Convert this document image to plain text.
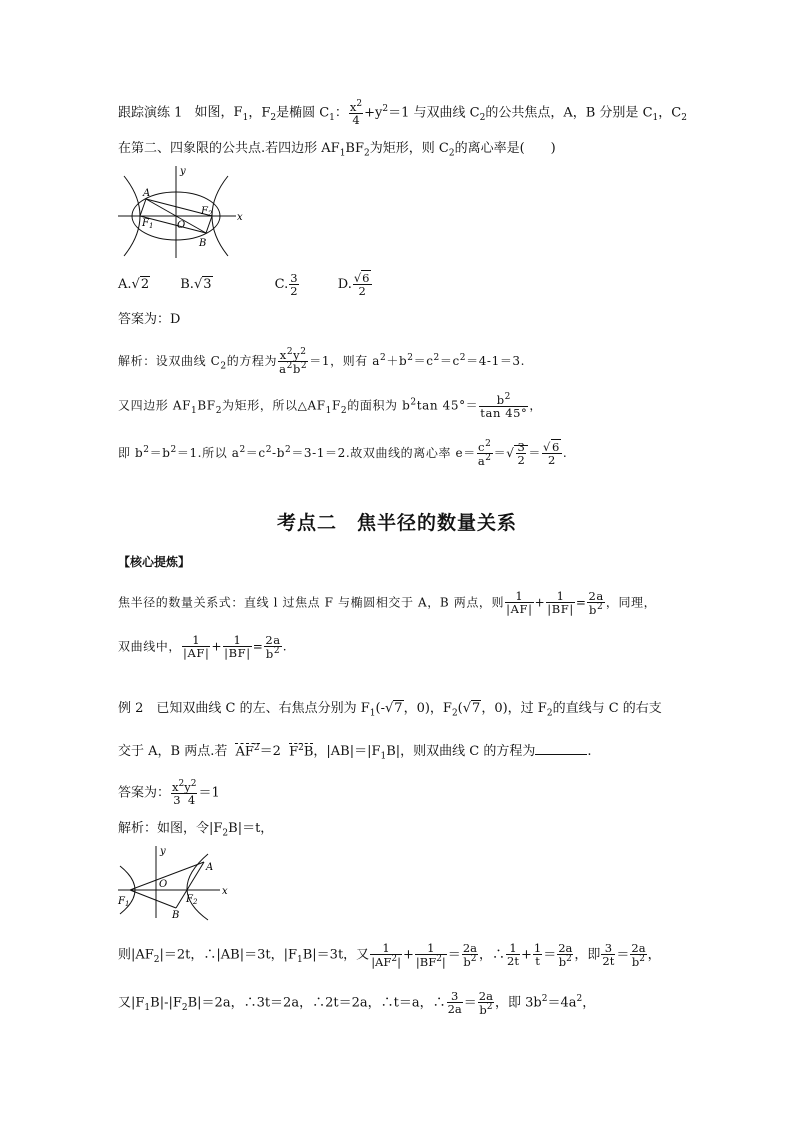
跟踪演练 1 如图，$F_1$，$F_2$是椭圆 $C_1$： $\frac{x^2}{4} +y^2=1$ 与双曲线 $C_2$的公共焦点，A，B 分别是 $C_1$，$C_2$
在第二、四象限的公共点.若四边形 $AF_1BF_2$为矩形，则 $C_2$的离心率是(　　)
y
A
$F_1$
$F_2$
O
B
x
A.√2 B.√3	C. $\frac{3}{2}$	D. $\frac{√6}{2}$
答案为：D
解析：设双曲线 $C_2$的方程为 $\frac{x^2y^2}{a^2b^2} =1$，则有 $a^2+b^2=c^2=c^2=4-1=3$.
又四边形 $AF_1BF_2$为矩形，所以$\triangle AF_1F_2$的面积为 $b^2\tan$ $45^\circ= \frac{b^2}{\tan 45^\circ}$ ，
即 $b^2=b^2=1$.所以 $a^2=c^2-b^2=3-1=2$.故双曲线的离心率 $e= \frac{c^2}{a^2}$ ＝√ $\frac{3}{2} = \frac{√6}{2}$ .
考点二　焦半径的数量关系
【核心提炼】
焦半径的数量关系式：直线 l 过焦点 F 与椭圆相交于 A，B 两点，则 $\frac{1}{|AF|} + \frac{1}{|BF|} = \frac{2a}{b^2}$ ，同理，
双曲线中， $\frac{1}{|AF|} + \frac{1}{|BF|} = \frac{2a}{b^2}$ .
例 2　已知双曲线 C 的左、右焦点分别为 $F_1(-√7$，0)，$F_2(√7$，0)，过 $F_2$的直线与 C 的右支
交于 A，B 两点.若 $AF^2=2$ $F^2B$，$|AB|=|F_1B|$，则双曲线 C 的方程为	.
答案为： $\frac{x^2y^2}{3 4} =1$
解析：如图，令$|F_2B|=t$，
y
A
O
$F_1$	$F_2$
B
x
则$|AF_2|=2t$，∴|AB|＝3t，$|F_1B|=3t$，又 $\frac{1}{|AF^2|} + \frac{1}{|BF^2|} = \frac{2a}{b^2}$ ，∴ $\frac{1}{2t} + \frac{1}{t} = \frac{2a}{b^2}$ ，即 $\frac{3}{2t} = \frac{2a}{b^2}$ ，
又$|F_1B|-|F_2B|=2a$，∴3t＝2a，∴2t＝2a，∴t＝a，∴ $\frac{3}{2a} = \frac{2a}{b^2}$ ，即 $3b^2=4a^2$，
